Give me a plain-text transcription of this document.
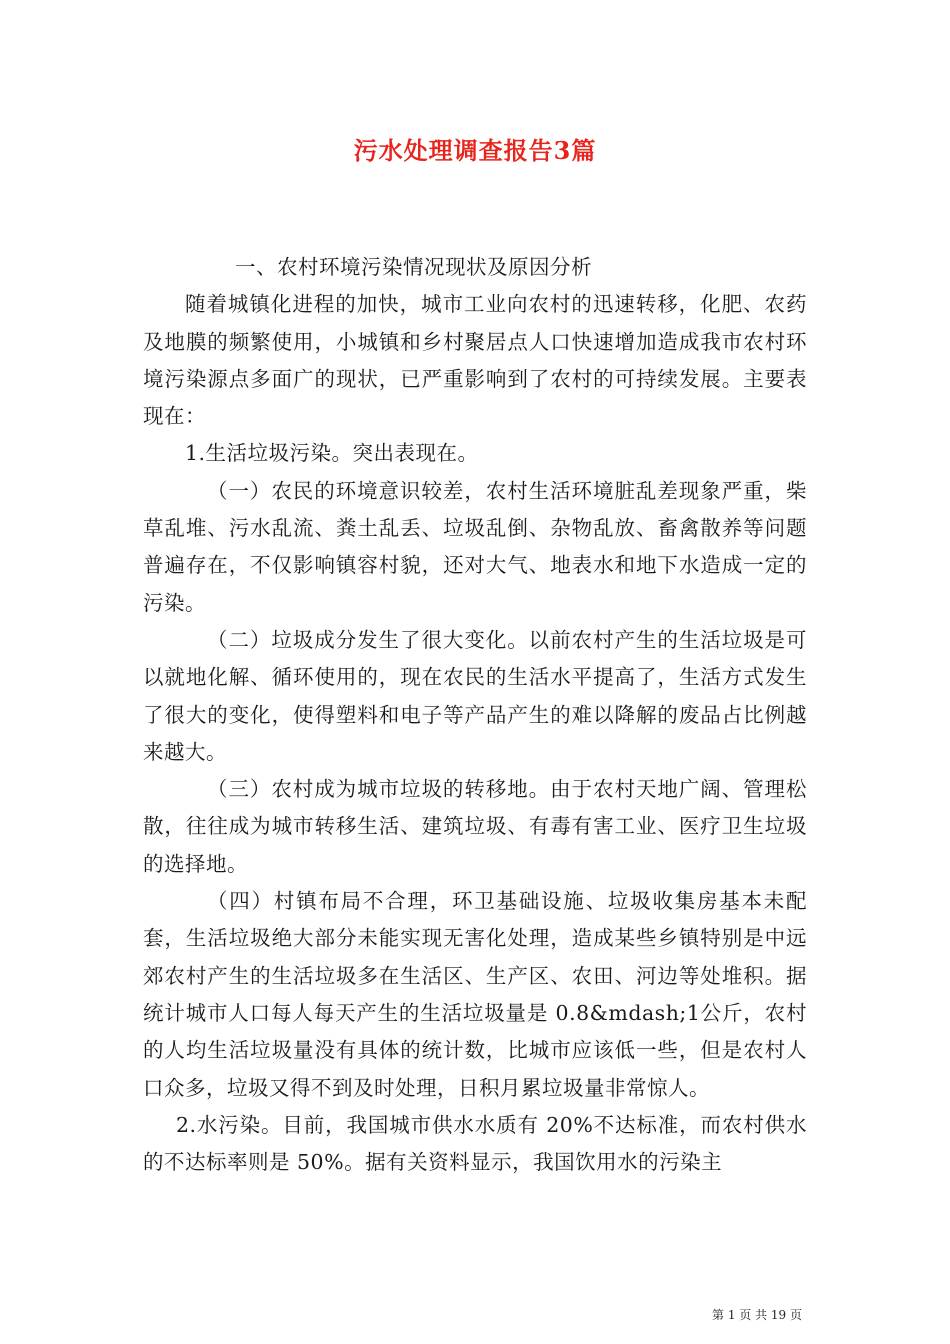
污水处理调查报告3篇

一、农村环境污染情况现状及原因分析

随着城镇化进程的加快，城市工业向农村的迅速转移，化肥、农药及地膜的频繁使用，小城镇和乡村聚居点人口快速增加造成我市农村环境污染源点多面广的现状，已严重影响到了农村的可持续发展。主要表现在：

1.生活垃圾污染。突出表现在。

（一）农民的环境意识较差，农村生活环境脏乱差现象严重，柴草乱堆、污水乱流、粪土乱丢、垃圾乱倒、杂物乱放、畜禽散养等问题普遍存在，不仅影响镇容村貌，还对大气、地表水和地下水造成一定的污染。

（二）垃圾成分发生了很大变化。以前农村产生的生活垃圾是可以就地化解、循环使用的，现在农民的生活水平提高了，生活方式发生了很大的变化，使得塑料和电子等产品产生的难以降解的废品占比例越来越大。

（三）农村成为城市垃圾的转移地。由于农村天地广阔、管理松散，往往成为城市转移生活、建筑垃圾、有毒有害工业、医疗卫生垃圾的选择地。

（四）村镇布局不合理，环卫基础设施、垃圾收集房基本未配套，生活垃圾绝大部分未能实现无害化处理，造成某些乡镇特别是中远郊农村产生的生活垃圾多在生活区、生产区、农田、河边等处堆积。据统计城市人口每人每天产生的生活垃圾量是 0.8&mdash;1公斤，农村的人均生活垃圾量没有具体的统计数，比城市应该低一些，但是农村人口众多，垃圾又得不到及时处理，日积月累垃圾量非常惊人。

2.水污染。目前，我国城市供水水质有 20%不达标准，而农村供水的不达标率则是 50%。据有关资料显示，我国饮用水的污染主

第 1 页 共 19 页
